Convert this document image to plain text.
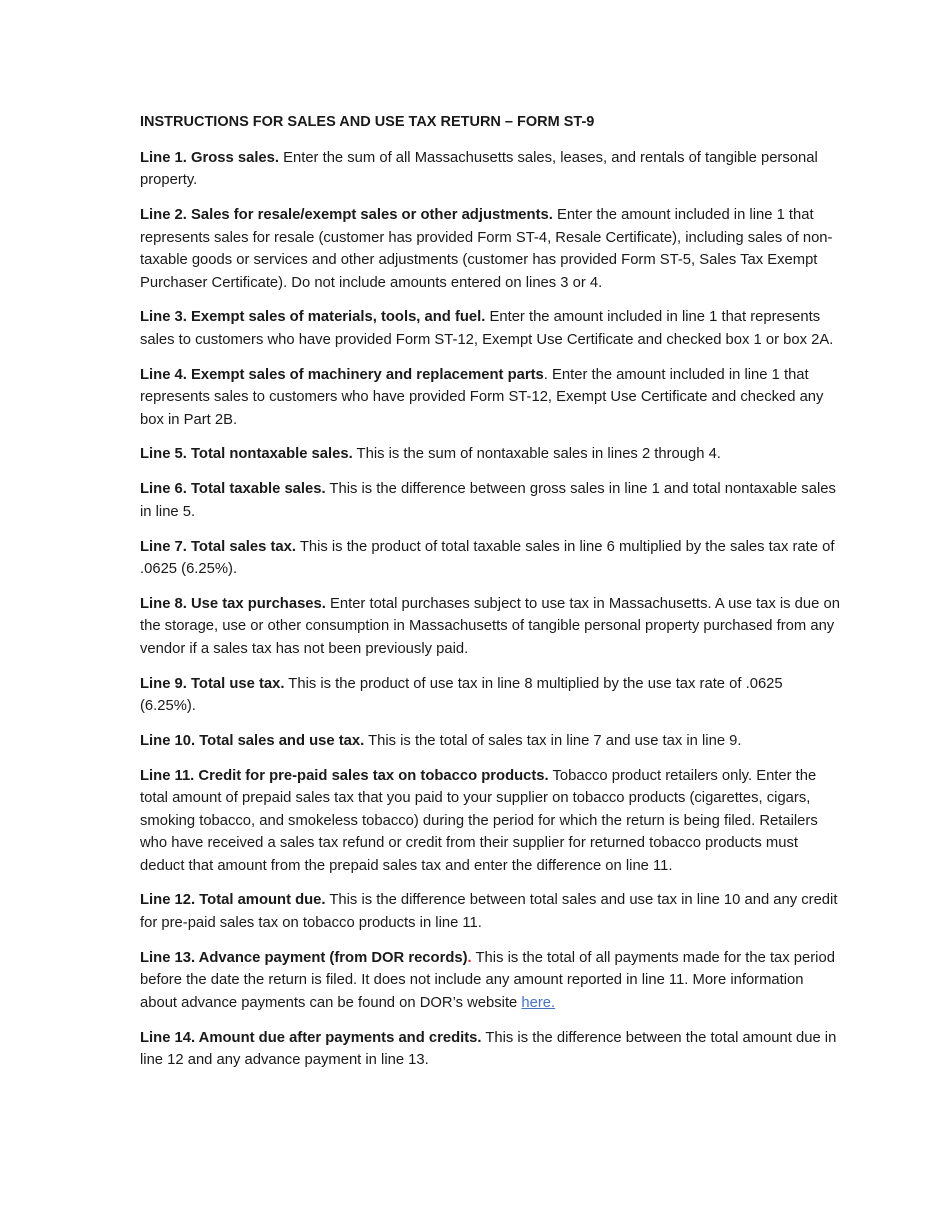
INSTRUCTIONS FOR SALES AND USE TAX RETURN – FORM ST-9
Line 1. Gross sales. Enter the sum of all Massachusetts sales, leases, and rentals of tangible personal property.
Line 2. Sales for resale/exempt sales or other adjustments. Enter the amount included in line 1 that represents sales for resale (customer has provided Form ST-4, Resale Certificate), including sales of non-taxable goods or services and other adjustments (customer has provided Form ST-5, Sales Tax Exempt Purchaser Certificate). Do not include amounts entered on lines 3 or 4.
Line 3. Exempt sales of materials, tools, and fuel. Enter the amount included in line 1 that represents sales to customers who have provided Form ST-12, Exempt Use Certificate and checked box 1 or box 2A.
Line 4. Exempt sales of machinery and replacement parts. Enter the amount included in line 1 that represents sales to customers who have provided Form ST-12, Exempt Use Certificate and checked any box in Part 2B.
Line 5. Total nontaxable sales. This is the sum of nontaxable sales in lines 2 through 4.
Line 6. Total taxable sales. This is the difference between gross sales in line 1 and total nontaxable sales in line 5.
Line 7. Total sales tax. This is the product of total taxable sales in line 6 multiplied by the sales tax rate of .0625 (6.25%).
Line 8. Use tax purchases. Enter total purchases subject to use tax in Massachusetts. A use tax is due on the storage, use or other consumption in Massachusetts of tangible personal property purchased from any vendor if a sales tax has not been previously paid.
Line 9. Total use tax. This is the product of use tax in line 8 multiplied by the use tax rate of .0625 (6.25%).
Line 10. Total sales and use tax. This is the total of sales tax in line 7 and use tax in line 9.
Line 11. Credit for pre-paid sales tax on tobacco products. Tobacco product retailers only. Enter the total amount of prepaid sales tax that you paid to your supplier on tobacco products (cigarettes, cigars, smoking tobacco, and smokeless tobacco) during the period for which the return is being filed. Retailers who have received a sales tax refund or credit from their supplier for returned tobacco products must deduct that amount from the prepaid sales tax and enter the difference on line 11.
Line 12. Total amount due. This is the difference between total sales and use tax in line 10 and any credit for pre-paid sales tax on tobacco products in line 11.
Line 13. Advance payment (from DOR records). This is the total of all payments made for the tax period before the date the return is filed. It does not include any amount reported in line 11. More information about advance payments can be found on DOR’s website here.
Line 14. Amount due after payments and credits. This is the difference between the total amount due in line 12 and any advance payment in line 13.
